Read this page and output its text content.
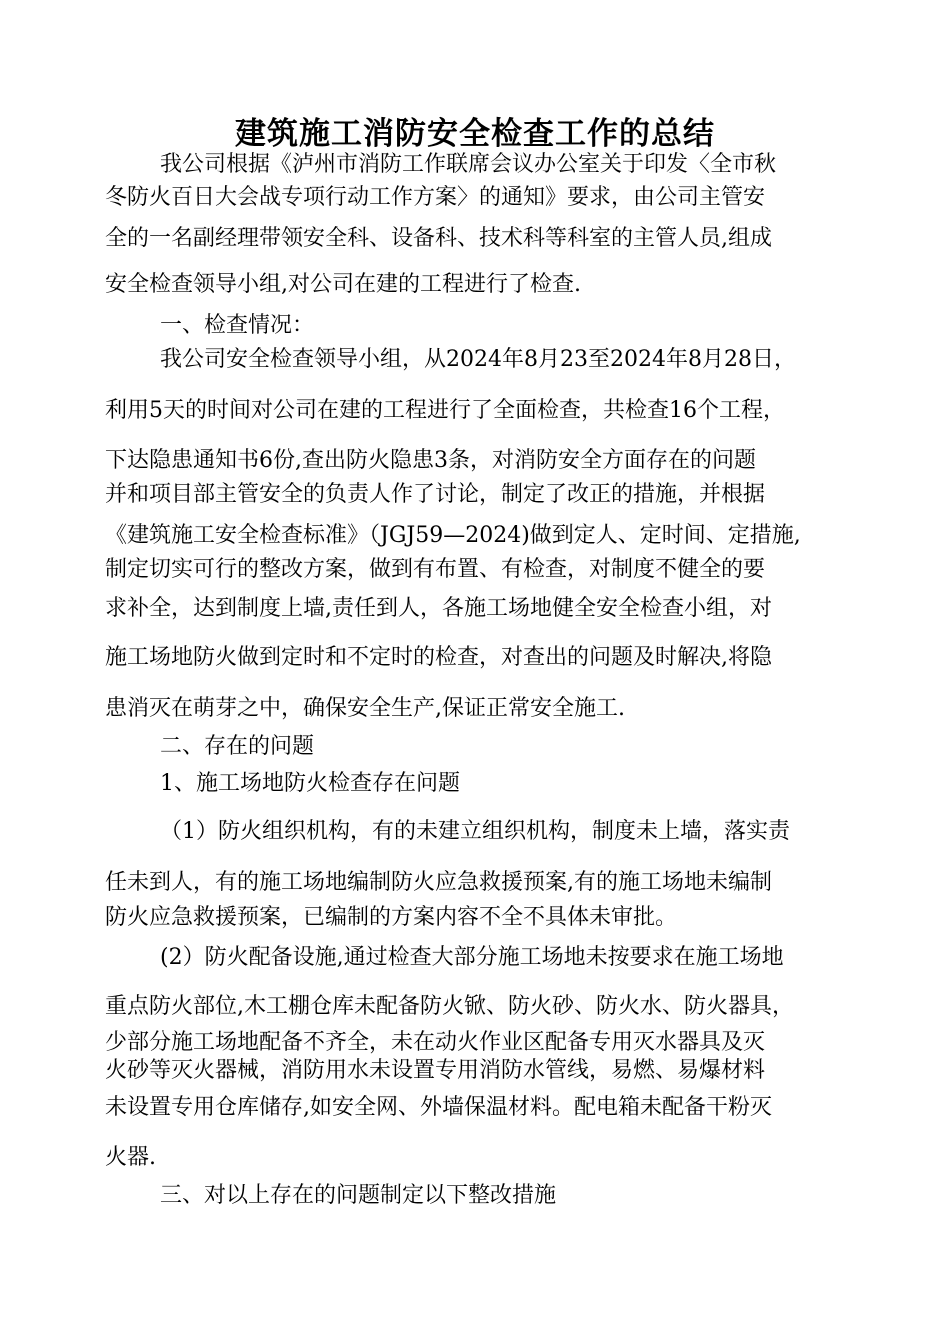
建筑施工消防安全检查工作的总结
我公司根据《泸州市消防工作联席会议办公室关于印发〈全市秋
冬防火百日大会战专项行动工作方案〉的通知》要求，由公司主管安
全的一名副经理带领安全科、设备科、技术科等科室的主管人员,组成
安全检查领导小组,对公司在建的工程进行了检查.
一、检查情况：
我公司安全检查领导小组，从2024年8月23至2024年8月28日，
利用5天的时间对公司在建的工程进行了全面检查，共检查16个工程，
下达隐患通知书6份,查出防火隐患3条，对消防安全方面存在的问题
并和项目部主管安全的负责人作了讨论，制定了改正的措施，并根据
《建筑施工安全检查标准》（JGJ59—2024)做到定人、定时间、定措施,
制定切实可行的整改方案，做到有布置、有检查，对制度不健全的要
求补全，达到制度上墙,责任到人，各施工场地健全安全检查小组，对
施工场地防火做到定时和不定时的检查，对查出的问题及时解决,将隐
患消灭在萌芽之中，确保安全生产,保证正常安全施工.
二、存在的问题
1、施工场地防火检查存在问题
（1）防火组织机构，有的未建立组织机构，制度未上墙，落实责
任未到人，有的施工场地编制防火应急救援预案,有的施工场地未编制
防火应急救援预案，已编制的方案内容不全不具体未审批。
(2）防火配备设施,通过检查大部分施工场地未按要求在施工场地
重点防火部位,木工棚仓库未配备防火锨、防火砂、防火水、防火器具，
少部分施工场地配备不齐全，未在动火作业区配备专用灭水器具及灭
火砂等灭火器械，消防用水未设置专用消防水管线，易燃、易爆材料
未设置专用仓库储存,如安全网、外墙保温材料。配电箱未配备干粉灭
火器.
三、对以上存在的问题制定以下整改措施
